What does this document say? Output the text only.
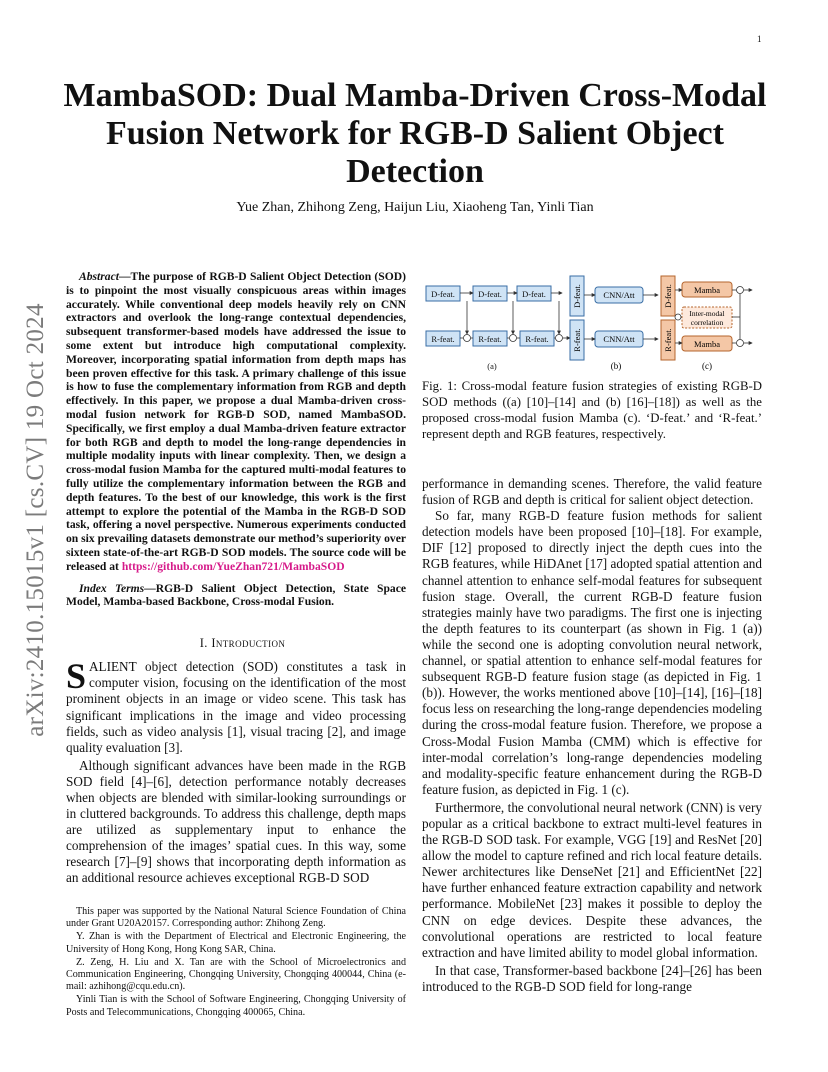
1
arXiv:2410.15015v1 [cs.CV] 19 Oct 2024
MambaSOD: Dual Mamba-Driven Cross-Modal Fusion Network for RGB-D Salient Object Detection
Yue Zhan, Zhihong Zeng, Haijun Liu, Xiaoheng Tan, Yinli Tian

Abstract—The purpose of RGB-D Salient Object Detection (SOD) is to pinpoint the most visually conspicuous areas within images accurately. While conventional deep models heavily rely on CNN extractors and overlook the long-range contextual dependencies, subsequent transformer-based models have addressed the issue to some extent but introduce high computational complexity. Moreover, incorporating spatial information from depth maps has been proven effective for this task. A primary challenge of this issue is how to fuse the complementary information from RGB and depth effectively. In this paper, we propose a dual Mamba-driven cross-modal fusion network for RGB-D SOD, named MambaSOD. Specifically, we first employ a dual Mamba-driven feature extractor for both RGB and depth to model the long-range dependencies in multiple modality inputs with linear complexity. Then, we design a cross-modal fusion Mamba for the captured multi-modal features to fully utilize the complementary information between the RGB and depth features. To the best of our knowledge, this work is the first attempt to explore the potential of the Mamba in the RGB-D SOD task, offering a novel perspective. Numerous experiments conducted on six prevailing datasets demonstrate our method’s superiority over sixteen state-of-the-art RGB-D SOD models. The source code will be released at https://github.com/YueZhan721/MambaSOD

Index Terms—RGB-D Salient Object Detection, State Space Model, Mamba-based Backbone, Cross-modal Fusion.

I. Introduction

SALIENT object detection (SOD) constitutes a task in computer vision, focusing on the identification of the most prominent objects in an image or video scene. This task has significant implications in the image and video processing fields, such as video analysis [1], visual tracing [2], and image quality evaluation [3].

Although significant advances have been made in the RGB SOD field [4]–[6], detection performance notably decreases when objects are blended with similar-looking surroundings or in cluttered backgrounds. To address this challenge, depth maps are utilized as supplementary input to enhance the comprehension of the images’ spatial cues. In this way, some research [7]–[9] shows that incorporating depth information as an additional resource achieves exceptional RGB-D SOD

This paper was supported by the National Natural Science Foundation of China under Grant U20A20157. Corresponding author: Zhihong Zeng.

Y. Zhan is with the Department of Electrical and Electronic Engineering, the University of Hong Kong, Hong Kong SAR, China.

Z. Zeng, H. Liu and X. Tan are with the School of Microelectronics and Communication Engineering, Chongqing University, Chongqing 400044, China (e-mail: azhihong@cqu.edu.cn).

Yinli Tian is with the School of Software Engineering, Chongqing University of Posts and Telecommunications, Chongqing 400065, China.

D-feat.	D-feat. D-feat.
R-feat.	R-feat.	R-feat.
(a)
D-feat.
R-feat.
CNN/Att
CNN/Att
(b)
D-feat.
R-feat.
Mamba
Mamba
Inter-modal
correlation
(c)
Fig. 1: Cross-modal feature fusion strategies of existing RGB-D SOD methods ((a) [10]–[14] and (b) [16]–[18]) as well as the proposed cross-modal fusion Mamba (c). ‘D-feat.’ and ‘R-feat.’ represent depth and RGB features, respectively.

performance in demanding scenes. Therefore, the valid feature fusion of RGB and depth is critical for salient object detection.

So far, many RGB-D feature fusion methods for salient detection models have been proposed [10]–[18]. For example, DIF [12] proposed to directly inject the depth cues into the RGB features, while HiDAnet [17] adopted spatial attention and channel attention to enhance self-modal features for subsequent fusion stage. Overall, the current RGB-D feature fusion strategies mainly have two paradigms. The first one is injecting the depth features to its counterpart (as shown in Fig. 1 (a)) while the second one is adopting convolution neural network, channel, or spatial attention to enhance self-modal features for subsequent RGB-D feature fusion stage (as depicted in Fig. 1 (b)). However, the works mentioned above [10]–[14], [16]–[18] focus less on researching the long-range dependencies modeling during the cross-modal feature fusion. Therefore, we propose a Cross-Modal Fusion Mamba (CMM) which is effective for inter-modal correlation’s long-range dependencies modeling and modality-specific feature enhancement during the RGB-D feature fusion, as depicted in Fig. 1 (c).

Furthermore, the convolutional neural network (CNN) is very popular as a critical backbone to extract multi-level features in the RGB-D SOD task. For example, VGG [19] and ResNet [20] allow the model to capture refined and rich local feature details. Newer architectures like DenseNet [21] and EfficientNet [22] have further enhanced feature extraction capability and network performance. MobileNet [23] makes it possible to deploy the CNN on edge devices. Despite these advances, the convolutional operations are restricted to local feature extraction and have limited ability to model global information.

In that case, Transformer-based backbone [24]–[26] has been introduced to the RGB-D SOD field for long-range
